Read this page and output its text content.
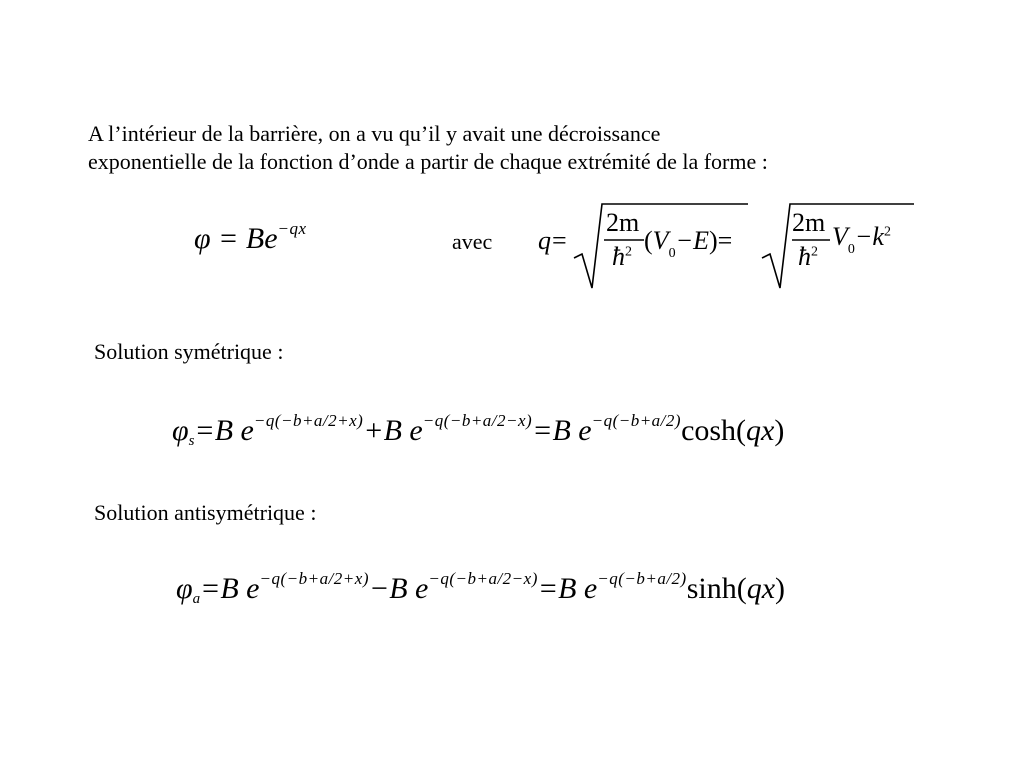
A l’intérieur de la barrière, on a vu qu’il y avait une décroissance
exponentielle de la fonction d’onde a partir de chaque extrémité de la forme :
$\varphi = Be^{-qx}$
avec q =
2m
$ħ^2$ $(V_0-E)=$
2m
$ħ^2$
$V_0-k^2$
Solution symétrique :
$\varphi_s=B$ $e^{-q(-b+a/2+x)}+B$ $e^{-q(-b+a/2-x)}=B$ $e^{-q(-b+a/2)}\cosh(qx)$
Solution antisymétrique :
$\varphi_a=B$ $e^{-q(-b+a/2+x)}-B$ $e^{-q(-b+a/2-x)}=B$ $e^{-q(-b+a/2)}\sinh(qx)$
